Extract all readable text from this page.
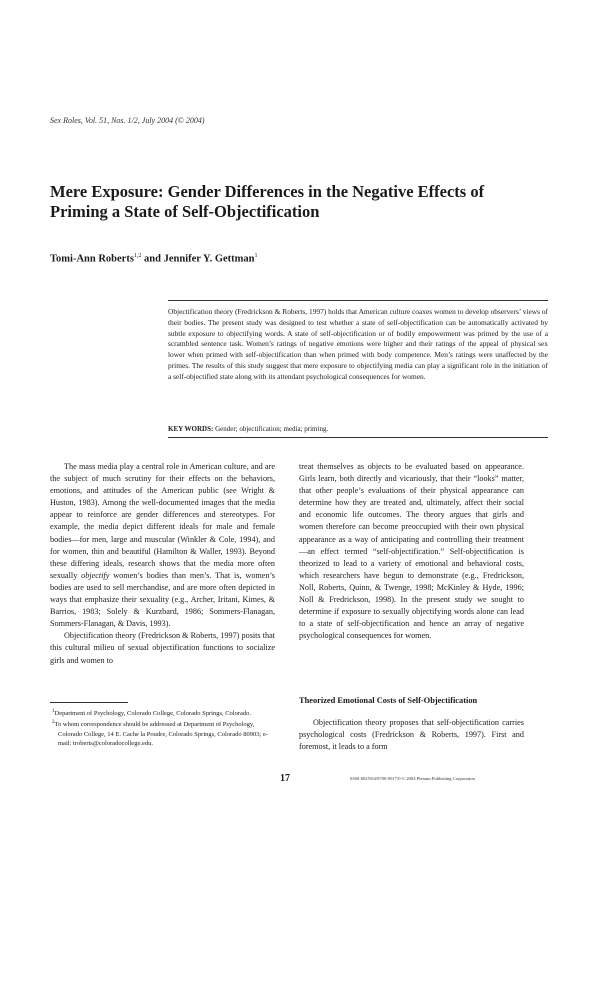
Sex Roles, Vol. 51, Nos. 1/2, July 2004 (© 2004)
Mere Exposure: Gender Differences in the Negative Effects of Priming a State of Self-Objectification
Tomi-Ann Roberts$^{1,2}$ and Jennifer Y. Gettman$^1$
Objectification theory (Fredrickson & Roberts, 1997) holds that American culture coaxes women to develop observers’ views of their bodies. The present study was designed to test whether a state of self-objectification can be automatically activated by subtle exposure to objectifying words. A state of self-objectification or of bodily empowerment was primed by the use of a scrambled sentence task. Women’s ratings of negative emotions were higher and their ratings of the appeal of physical sex lower when primed with self-objectification than when primed with body competence. Men’s ratings were unaffected by the primes. The results of this study suggest that mere exposure to objectifying media can play a significant role in the initiation of a self-objectified state along with its attendant psychological consequences for women.
KEY WORDS: Gender; objectification; media; priming.

The mass media play a central role in American culture, and are the subject of much scrutiny for their effects on the behaviors, emotions, and attitudes of the American public (see Wright & Huston, 1983). Among the well-documented images that the media appear to reinforce are gender differences and stereotypes. For example, the media depict different ideals for male and female bodies—for men, large and muscular (Winkler & Cole, 1994), and for women, thin and beautiful (Hamilton & Waller, 1993). Beyond these differing ideals, research shows that the media more often sexually objectify women’s bodies than men’s. That is, women’s bodies are used to sell merchandise, and are more often depicted in ways that emphasize their sexuality (e.g., Archer, Iritani, Kimes, & Barrios, 1983; Solely & Kurzbard, 1986; Sommers-Flanagan, Sommers-Flanagan, & Davis, 1993).

Objectification theory (Fredrickson & Roberts, 1997) posits that this cultural milieu of sexual objectification functions to socialize girls and women to

treat themselves as objects to be evaluated based on appearance. Girls learn, both directly and vicariously, that their “looks” matter, that other people’s evaluations of their physical appearance can determine how they are treated and, ultimately, affect their social and economic life outcomes. The theory argues that girls and women therefore can become preoccupied with their own physical appearance as a way of anticipating and controlling their treatment—an effect termed “self-objectification.” Self-objectification is theorized to lead to a variety of emotional and behavioral costs, which researchers have begun to demonstrate (e.g., Fredrickson, Noll, Roberts, Quinn, & Twenge, 1998; McKinley & Hyde, 1996; Noll & Fredrickson, 1998). In the present study we sought to determine if exposure to sexually objectifying words alone can lead to a state of self-objectification and hence an array of negative psychological consequences for women.

Theorized Emotional Costs of Self-Objectification

Objectification theory proposes that self-objectification carries psychological costs (Fredrickson & Roberts, 1997). First and foremost, it leads to a form

$^1$Department of Psychology, Colorado College, Colorado Springs, Colorado.
$^2$To whom correspondence should be addressed at Department of Psychology, Colorado College, 14 E. Cache la Poudre, Colorado Springs, Colorado 80903; e-mail: troberts@coloradocollege.edu.
17	0360-0025/04/0700-0017/0 © 2004 Plenum Publishing Corporation
